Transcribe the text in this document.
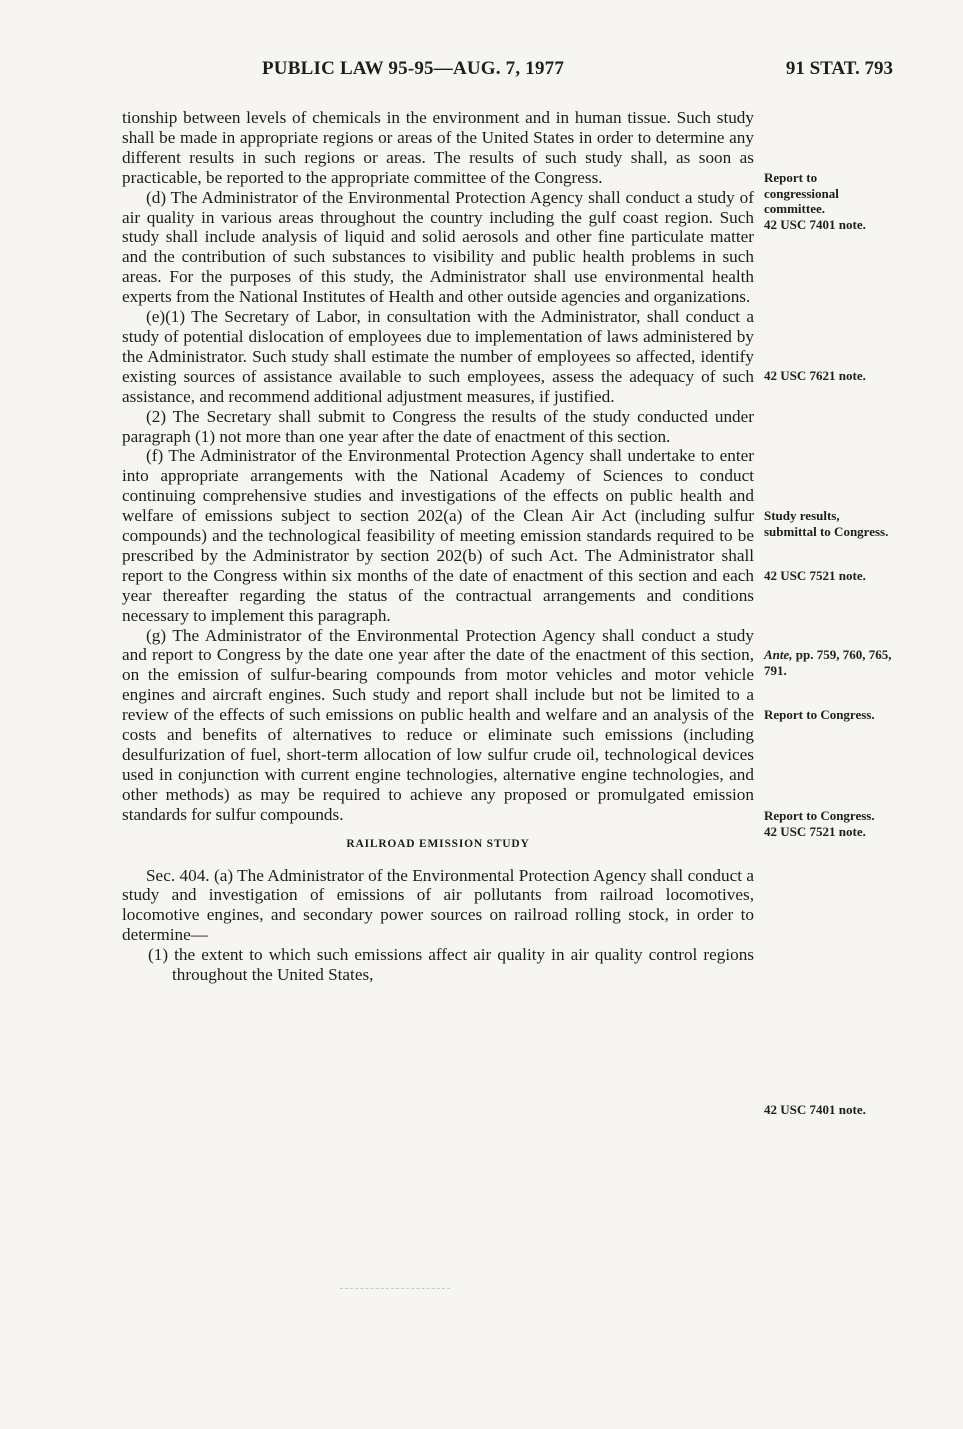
PUBLIC LAW 95-95—AUG. 7, 1977	91 STAT. 793

tionship between levels of chemicals in the environment and in human tissue. Such study shall be made in appropriate regions or areas of the United States in order to determine any different results in such regions or areas. The results of such study shall, as soon as practicable, be reported to the appropriate committee of the Congress.

(d) The Administrator of the Environmental Protection Agency shall conduct a study of air quality in various areas throughout the country including the gulf coast region. Such study shall include analysis of liquid and solid aerosols and other fine particulate matter and the contribution of such substances to visibility and public health problems in such areas. For the purposes of this study, the Administrator shall use environmental health experts from the National Institutes of Health and other outside agencies and organizations.

(e)(1) The Secretary of Labor, in consultation with the Administrator, shall conduct a study of potential dislocation of employees due to implementation of laws administered by the Administrator. Such study shall estimate the number of employees so affected, identify existing sources of assistance available to such employees, assess the adequacy of such assistance, and recommend additional adjustment measures, if justified.

(2) The Secretary shall submit to Congress the results of the study conducted under paragraph (1) not more than one year after the date of enactment of this section.

(f) The Administrator of the Environmental Protection Agency shall undertake to enter into appropriate arrangements with the National Academy of Sciences to conduct continuing comprehensive studies and investigations of the effects on public health and welfare of emissions subject to section 202(a) of the Clean Air Act (including sulfur compounds) and the technological feasibility of meeting emission standards required to be prescribed by the Administrator by section 202(b) of such Act. The Administrator shall report to the Congress within six months of the date of enactment of this section and each year thereafter regarding the status of the contractual arrangements and conditions necessary to implement this paragraph.

(g) The Administrator of the Environmental Protection Agency shall conduct a study and report to Congress by the date one year after the date of the enactment of this section, on the emission of sulfur-bearing compounds from motor vehicles and motor vehicle engines and aircraft engines. Such study and report shall include but not be limited to a review of the effects of such emissions on public health and welfare and an analysis of the costs and benefits of alternatives to reduce or eliminate such emissions (including desulfurization of fuel, short-term allocation of low sulfur crude oil, technological devices used in conjunction with current engine technologies, alternative engine technologies, and other methods) as may be required to achieve any proposed or promulgated emission standards for sulfur compounds.

RAILROAD EMISSION STUDY

Sec. 404. (a) The Administrator of the Environmental Protection Agency shall conduct a study and investigation of emissions of air pollutants from railroad locomotives, locomotive engines, and secondary power sources on railroad rolling stock, in order to determine—

(1) the extent to which such emissions affect air quality in air quality control regions throughout the United States,

Report to congressional committee.
42 USC 7401 note.
42 USC 7621 note.
Study results, submittal to Congress.
42 USC 7521 note.
Ante, pp. 759, 760, 765, 791.
Report to Congress.
Report to Congress.
42 USC 7521 note.
42 USC 7401 note.
